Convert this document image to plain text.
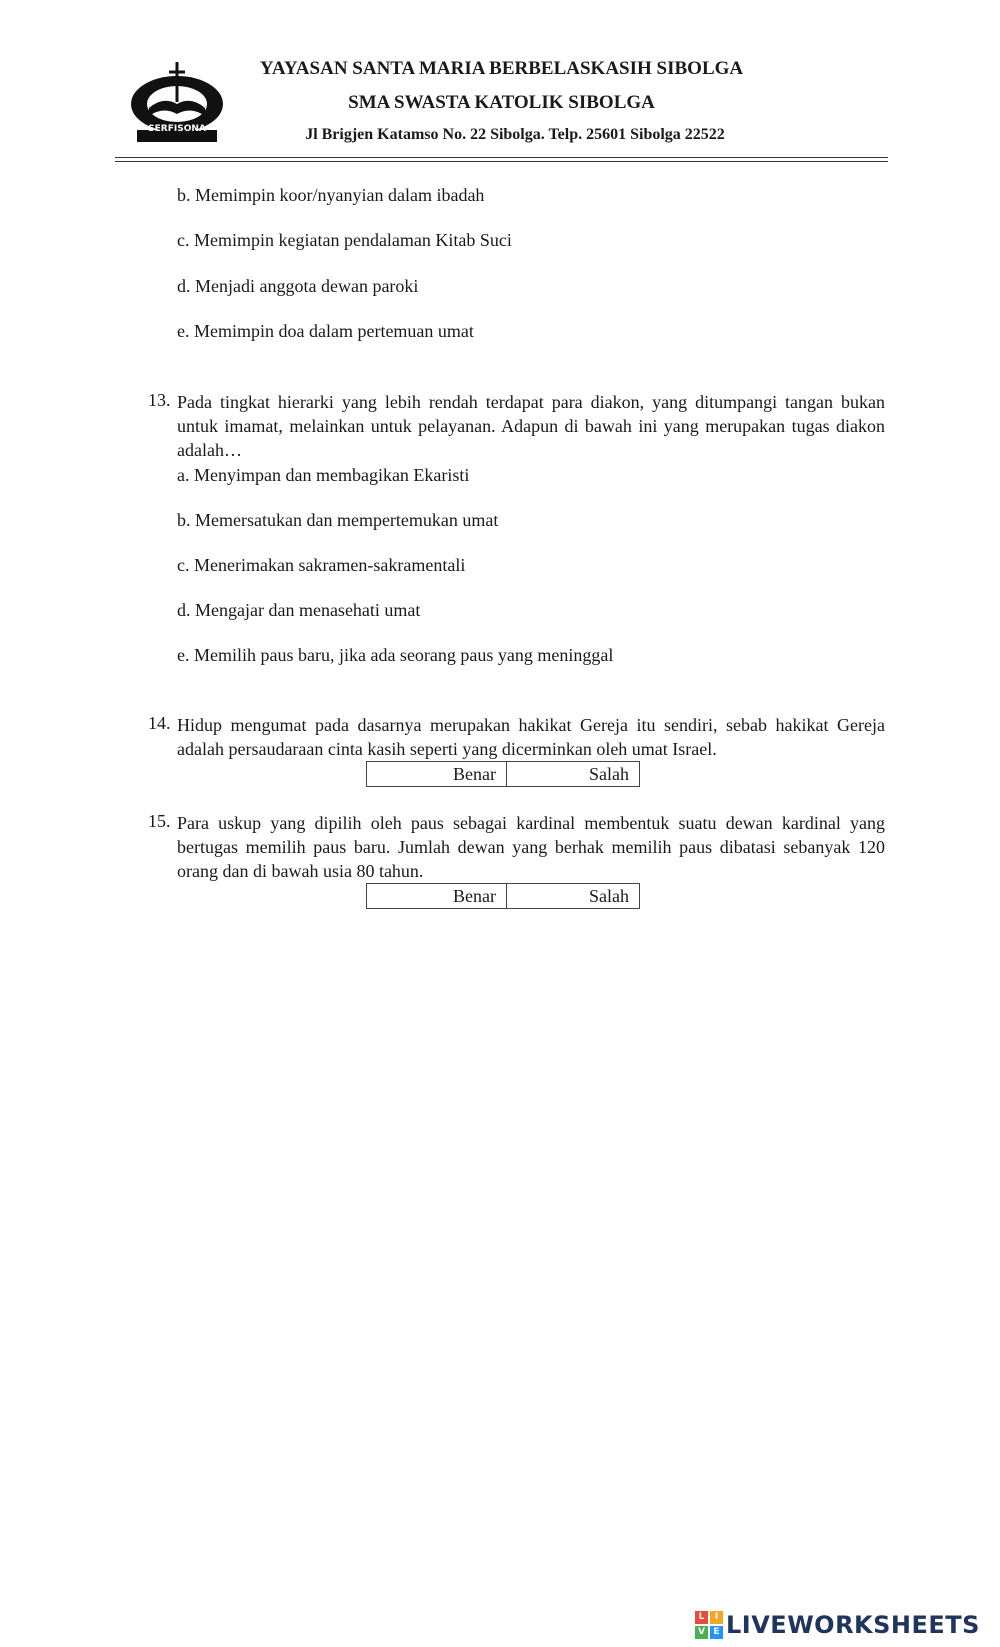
YAYASAN SANTA MARIA BERBELASKASIH SIBOLGA
SMA SWASTA KATOLIK SIBOLGA
Jl Brigjen Katamso No. 22 Sibolga. Telp. 25601 Sibolga 22522
SERFISONA
b. Memimpin koor/nyanyian dalam ibadah
c. Memimpin kegiatan pendalaman Kitab Suci
d. Menjadi anggota dewan paroki
e. Memimpin doa dalam pertemuan umat
13. Pada tingkat hierarki yang lebih rendah terdapat para diakon, yang ditumpangi tangan bukan untuk imamat, melainkan untuk pelayanan. Adapun di bawah ini yang merupakan tugas diakon adalah…
a. Menyimpan dan membagikan Ekaristi
b. Memersatukan dan mempertemukan umat
c. Menerimakan sakramen-sakramentali
d. Mengajar dan menasehati umat
e. Memilih paus baru, jika ada seorang paus yang meninggal
14. Hidup mengumat pada dasarnya merupakan hakikat Gereja itu sendiri, sebab hakikat Gereja adalah persaudaraan cinta kasih seperti yang dicerminkan oleh umat Israel.
Benar	Salah
15. Para uskup yang dipilih oleh paus sebagai kardinal membentuk suatu dewan kardinal yang bertugas memilih paus baru. Jumlah dewan yang berhak memilih paus dibatasi sebanyak 120 orang dan di bawah usia 80 tahun.
Benar	Salah
L	I
V E LIVEWORKSHEETS
